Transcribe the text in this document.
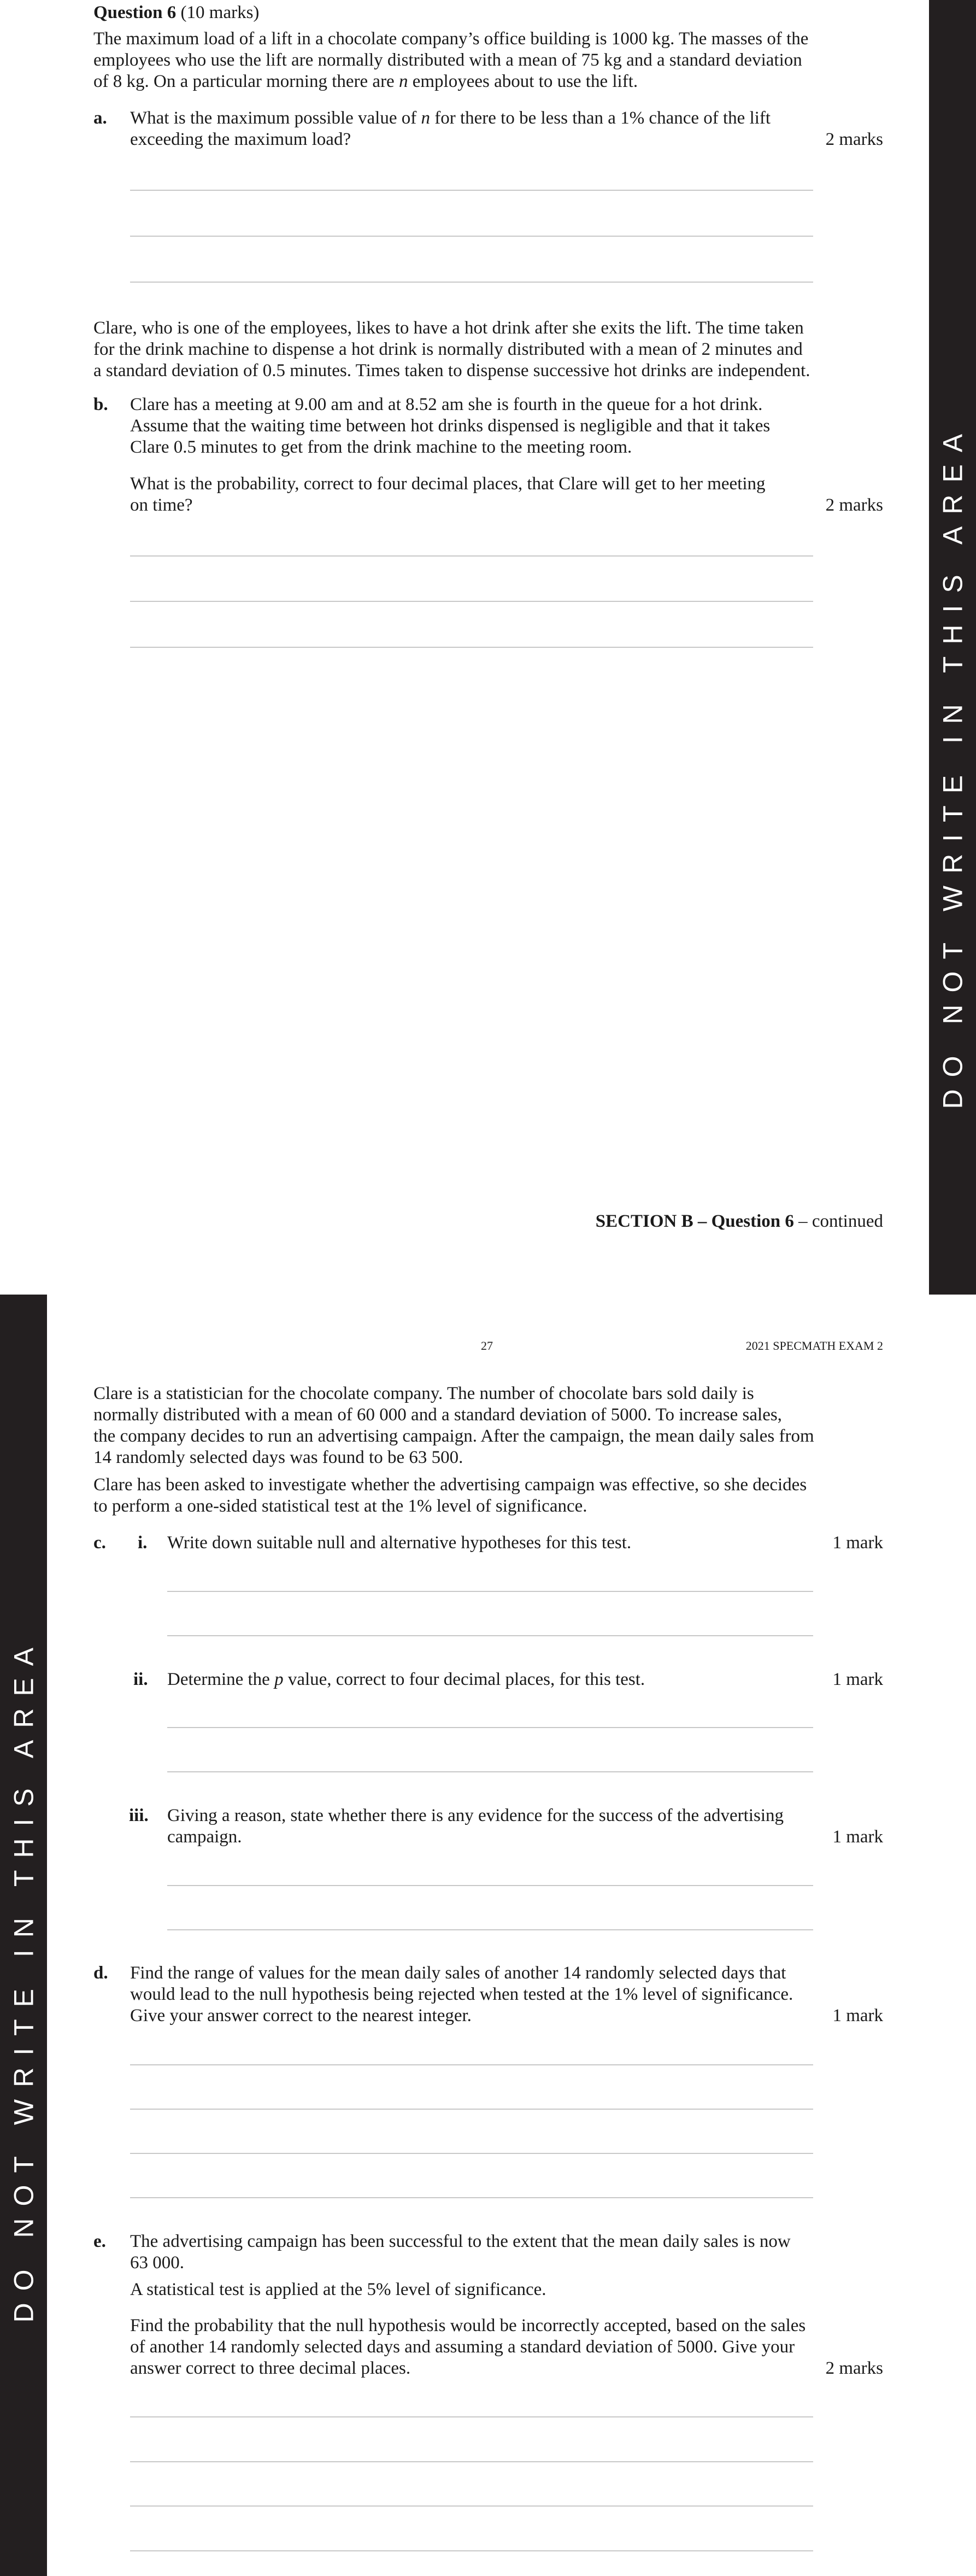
DO NOT WRITE IN THIS AREA
Question 6 (10 marks)
The maximum load of a lift in a chocolate company’s office building is 1000 kg. The masses of the
employees who use the lift are normally distributed with a mean of 75 kg and a standard deviation
of 8 kg. On a particular morning there are n employees about to use the lift.
a. What is the maximum possible value of n for there to be less than a 1% chance of the lift
exceeding the maximum load?	2 marks
Clare, who is one of the employees, likes to have a hot drink after she exits the lift. The time taken
for the drink machine to dispense a hot drink is normally distributed with a mean of 2 minutes and
a standard deviation of 0.5 minutes. Times taken to dispense successive hot drinks are independent.
b. Clare has a meeting at 9.00 am and at 8.52 am she is fourth in the queue for a hot drink.
Assume that the waiting time between hot drinks dispensed is negligible and that it takes
Clare 0.5 minutes to get from the drink machine to the meeting room.
What is the probability, correct to four decimal places, that Clare will get to her meeting
on time?	2 marks
SECTION B – Question 6 – continued
DO NOT WRITE IN THIS AREA
27	2021 SPECMATH EXAM 2
Clare is a statistician for the chocolate company. The number of chocolate bars sold daily is
normally distributed with a mean of 60 000 and a standard deviation of 5000. To increase sales,
the company decides to run an advertising campaign. After the campaign, the mean daily sales from
14 randomly selected days was found to be 63 500.
Clare has been asked to investigate whether the advertising campaign was effective, so she decides
to perform a one-sided statistical test at the 1% level of significance.
c. i. Write down suitable null and alternative hypotheses for this test.	1 mark
ii. Determine the p value, correct to four decimal places, for this test.	1 mark
iii. Giving a reason, state whether there is any evidence for the success of the advertising
campaign.	1 mark
d. Find the range of values for the mean daily sales of another 14 randomly selected days that
would lead to the null hypothesis being rejected when tested at the 1% level of significance.
Give your answer correct to the nearest integer.	1 mark
e. The advertising campaign has been successful to the extent that the mean daily sales is now
63 000.
A statistical test is applied at the 5% level of significance.
Find the probability that the null hypothesis would be incorrectly accepted, based on the sales
of another 14 randomly selected days and assuming a standard deviation of 5000. Give your
answer correct to three decimal places.	2 marks
